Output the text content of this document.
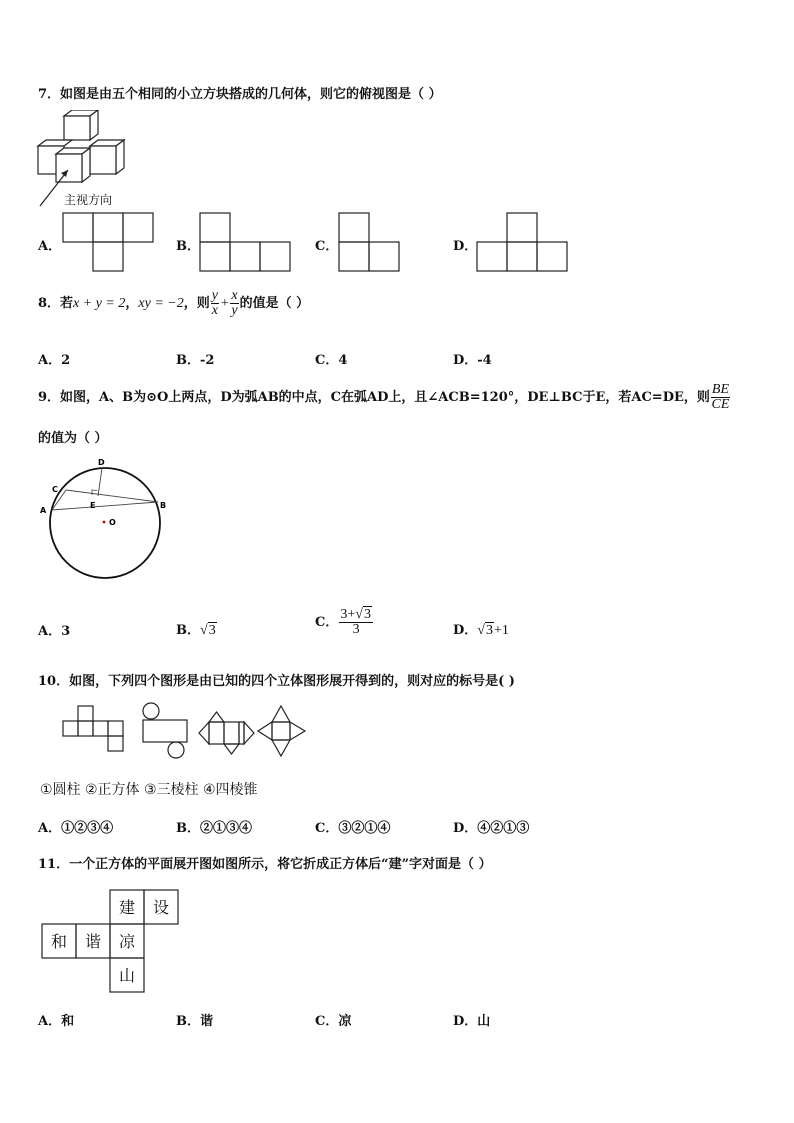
7．如图是由五个相同的小立方块搭成的几何体，则它的俯视图是（ ）
主视方向
A．	B．	C．	D．
8．若x + y = 2，xy = −2，则 $\frac{y}{x} + \frac{x}{y}$ 的值是（ ）
A．2	B．-2	C．4	D．-4
9．如图，A、B为⊙O上两点，D为弧AB的中点，C在弧AD上，且∠ACB=120°，DE⊥BC于E，若AC=DE，则 $\frac{BE}{CE}$
的值为（ ）
D
C
A
E
O
B
A．3	B．√3
C． $\frac{3+√3}{3}$	D．√3+1
10．如图，下列四个图形是由已知的四个立体图形展开得到的，则对应的标号是( )
①圆柱 ②正方体 ③三棱柱 ④四棱锥
A．①②③④	B．②①③④	C．③②①④	D．④②①③
11．一个正方体的平面展开图如图所示，将它折成正方体后“建”字对面是（ ）
建 设
和 谐 凉
山
A．和	B．谐	C．凉	D．山
